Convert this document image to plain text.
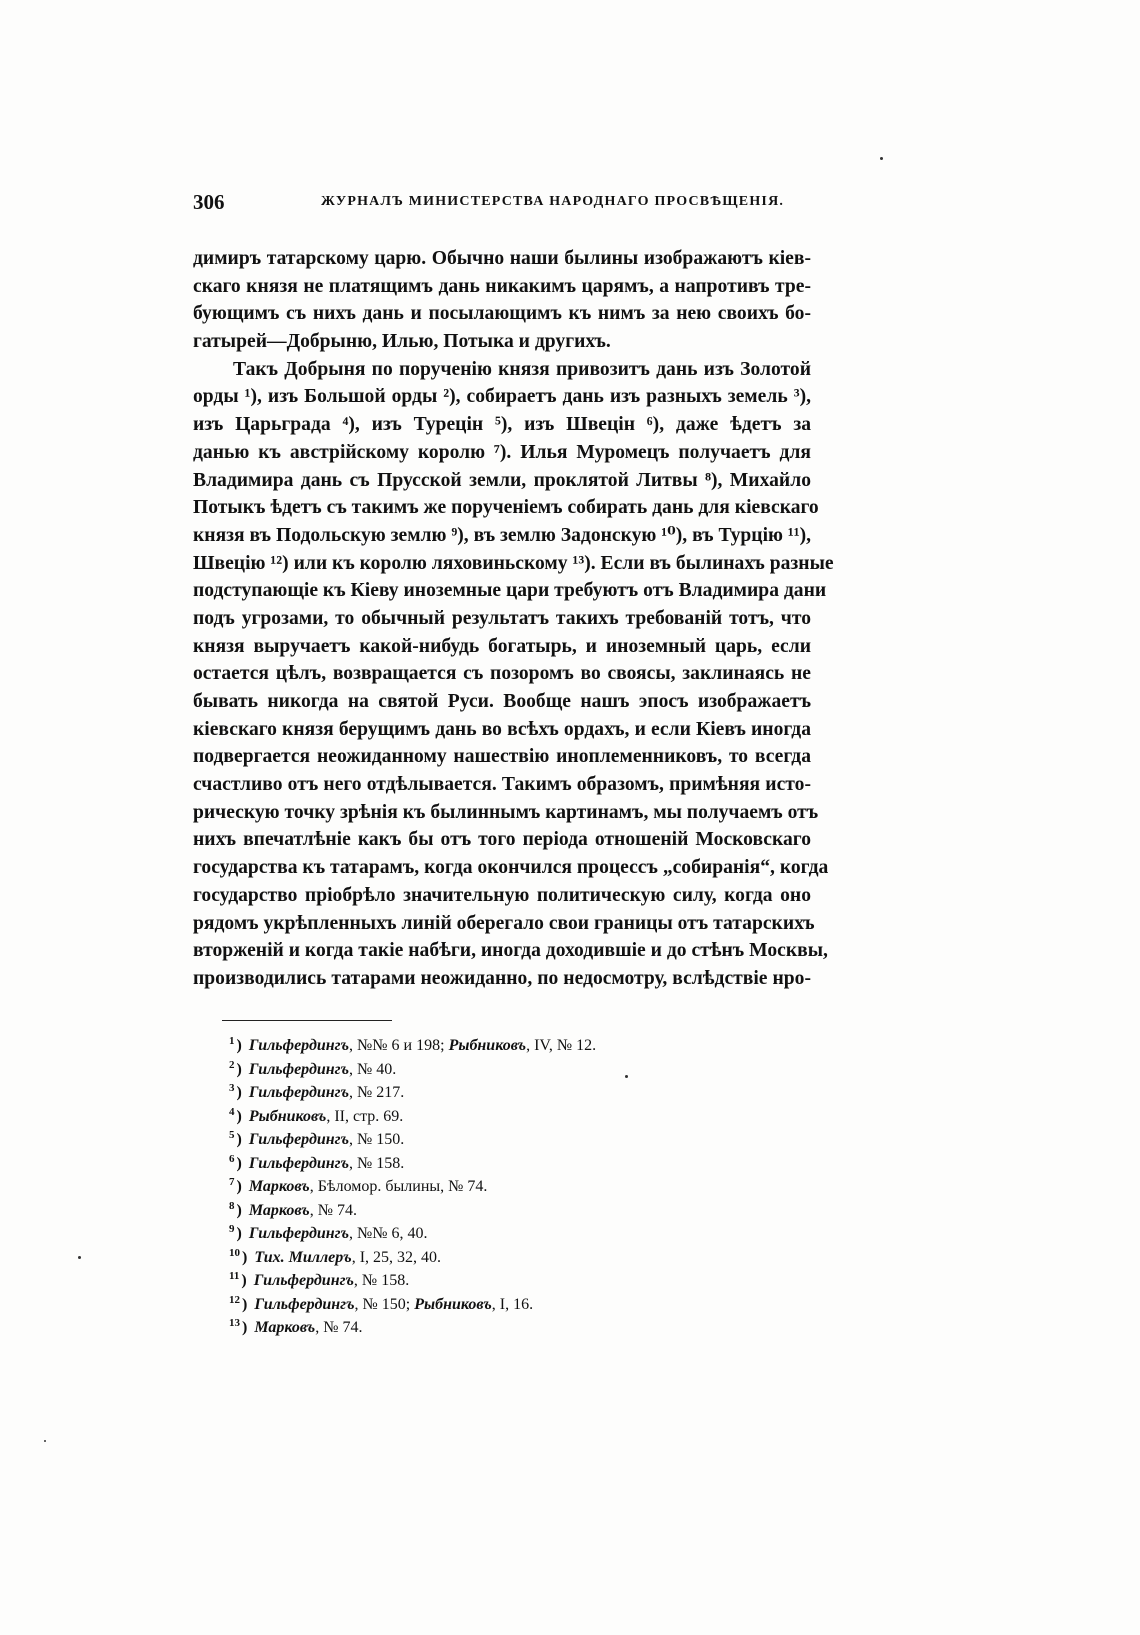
306	ЖУРНАЛЪ МИНИСТЕРСТВА НАРОДНАГО ПРОСВѢЩЕНІЯ.
димиръ татарскому царю. Обычно наши былины изображаютъ кіев-
скаго князя не платящимъ дань никакимъ царямъ, а напротивъ тре-
бующимъ съ нихъ дань и посылающимъ къ нимъ за нею своихъ бо-
гатырей—Добрыню, Илью, Потыка и другихъ.
Такъ Добрыня по порученію князя привозитъ дань изъ Золотой
орды ¹), изъ Большой орды ²), собираетъ дань изъ разныхъ земель ³),
изъ Царьграда ⁴), изъ Турецін ⁵), изъ Швецін ⁶), даже ѣдетъ за
данью къ австрійскому королю ⁷). Илья Муромецъ получаетъ для
Владимира дань съ Прусской земли, проклятой Литвы ⁸), Михайло
Потыкъ ѣдетъ съ такимъ же порученіемъ собирать дань для кіевскаго
князя въ Подольскую землю ⁹), въ землю Задонскую ¹⁰), въ Турцію ¹¹),
Швецію ¹²) или къ королю ляховиньскому ¹³). Если въ былинахъ разные
подступающіе къ Кіеву иноземные цари требуютъ отъ Владимира дани
подъ угрозами, то обычный результатъ такихъ требованій тотъ, что
князя выручаетъ какой-нибудь богатырь, и иноземный царь, если
остается цѣлъ, возвращается съ позоромъ во своясы, заклинаясь не
бывать никогда на святой Руси. Вообще нашъ эпосъ изображаетъ
кіевскаго князя берущимъ дань во всѣхъ ордахъ, и если Кіевъ иногда
подвергается неожиданному нашествію иноплеменниковъ, то всегда
счастливо отъ него отдѣлывается. Такимъ образомъ, примѣняя исто-
рическую точку зрѣнія къ былиннымъ картинамъ, мы получаемъ отъ
нихъ впечатлѣніе какъ бы отъ того періода отношеній Московскаго
государства къ татарамъ, когда окончился процессъ „собиранія“, когда
государство пріобрѣло значительную политическую силу, когда оно
рядомъ укрѣпленныхъ линій оберегало свои границы отъ татарскихъ
вторженій и когда такіе набѣги, иногда доходившіе и до стѣнъ Москвы,
производились татарами неожиданно, по недосмотру, вслѣдствіе нро-
$^1$ ) Гильфердингъ, №№ 6 и 198; Рыбниковъ, IV, № 12.
$^2$ ) Гильфердингъ, № 40.
$^3$ ) Гильфердингъ, № 217.
$^4$ ) Рыбниковъ, II, стр. 69.
$^5$ ) Гильфердингъ, № 150.
$^6$ ) Гильфердингъ, № 158.
$^7$ ) Марковъ, Бѣломор. былины, № 74.
$^8$ ) Марковъ, № 74.
$^9$ ) Гильфердингъ, №№ 6, 40.
$^{10}$ ) Тих. Миллеръ, I, 25, 32, 40.
$^{11}$ ) Гильфердингъ, № 158.
$^{12}$ ) Гильфердингъ, № 150; Рыбниковъ, I, 16.
$^{13}$ ) Марковъ, № 74.
